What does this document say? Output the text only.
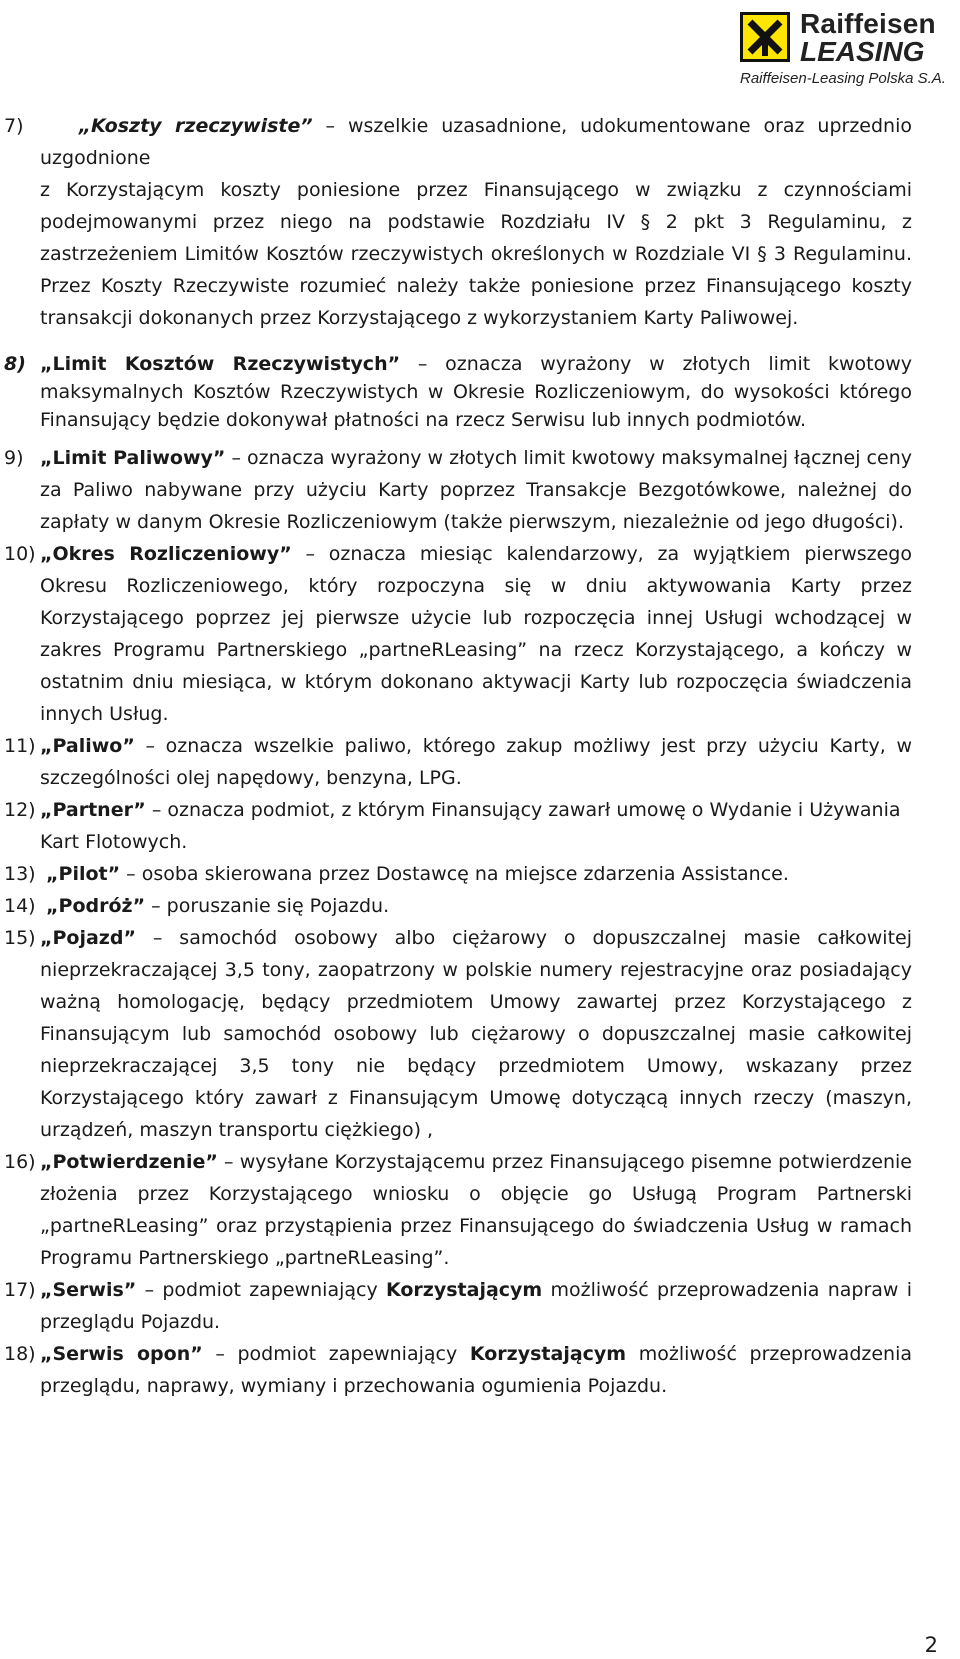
Raiffeisen
LEASING
Raiffeisen-Leasing Polska S.A.
7)	„Koszty rzeczywiste” – wszelkie uzasadnione, udokumentowane oraz uprzednio uzgodnione
z Korzystającym koszty poniesione przez Finansującego w związku z czynnościami podejmowanymi przez niego na podstawie Rozdziału IV § 2 pkt 3 Regulaminu, z zastrzeżeniem Limitów Kosztów rzeczywistych określonych w Rozdziale VI § 3 Regulaminu. Przez Koszty Rzeczywiste rozumieć należy także poniesione przez Finansującego koszty transakcji dokonanych przez Korzystającego z wykorzystaniem Karty Paliwowej.
8) „Limit Kosztów Rzeczywistych” – oznacza wyrażony w złotych limit kwotowy maksymalnych Kosztów Rzeczywistych w Okresie Rozliczeniowym, do wysokości którego Finansujący będzie dokonywał płatności na rzecz Serwisu lub innych podmiotów.
9) „Limit Paliwowy” – oznacza wyrażony w złotych limit kwotowy maksymalnej łącznej ceny za Paliwo nabywane przy użyciu Karty poprzez Transakcje Bezgotówkowe, należnej do zapłaty w danym Okresie Rozliczeniowym (także pierwszym, niezależnie od jego długości).
10) „Okres Rozliczeniowy” – oznacza miesiąc kalendarzowy, za wyjątkiem pierwszego Okresu Rozliczeniowego, który rozpoczyna się w dniu aktywowania Karty przez Korzystającego poprzez jej pierwsze użycie lub rozpoczęcia innej Usługi wchodzącej w zakres Programu Partnerskiego „partneRLeasing” na rzecz Korzystającego, a kończy w ostatnim dniu miesiąca, w którym dokonano aktywacji Karty lub rozpoczęcia świadczenia innych Usług.
11) „Paliwo” – oznacza wszelkie paliwo, którego zakup możliwy jest przy użyciu Karty, w szczególności olej napędowy, benzyna, LPG.
12) „Partner” – oznacza podmiot, z którym Finansujący zawarł umowę o Wydanie i Używania Kart Flotowych.
13) „Pilot” – osoba skierowana przez Dostawcę na miejsce zdarzenia Assistance.
14) „Podróż” – poruszanie się Pojazdu.
15) „Pojazd” – samochód osobowy albo ciężarowy o dopuszczalnej masie całkowitej nieprzekraczającej 3,5 tony, zaopatrzony w polskie numery rejestracyjne oraz posiadający ważną homologację, będący przedmiotem Umowy zawartej przez Korzystającego z Finansującym lub samochód osobowy lub ciężarowy o dopuszczalnej masie całkowitej nieprzekraczającej 3,5 tony nie będący przedmiotem Umowy, wskazany przez Korzystającego który zawarł z Finansującym Umowę dotyczącą innych rzeczy (maszyn, urządzeń, maszyn transportu ciężkiego) ,
16) „Potwierdzenie” – wysyłane Korzystającemu przez Finansującego pisemne potwierdzenie złożenia przez Korzystającego wniosku o objęcie go Usługą Program Partnerski „partneRLeasing” oraz przystąpienia przez Finansującego do świadczenia Usług w ramach Programu Partnerskiego „partneRLeasing”.
17) „Serwis” – podmiot zapewniający Korzystającym możliwość przeprowadzenia napraw i przeglądu Pojazdu.
18) „Serwis opon” – podmiot zapewniający Korzystającym możliwość przeprowadzenia przeglądu, naprawy, wymiany i przechowania ogumienia Pojazdu.
2
